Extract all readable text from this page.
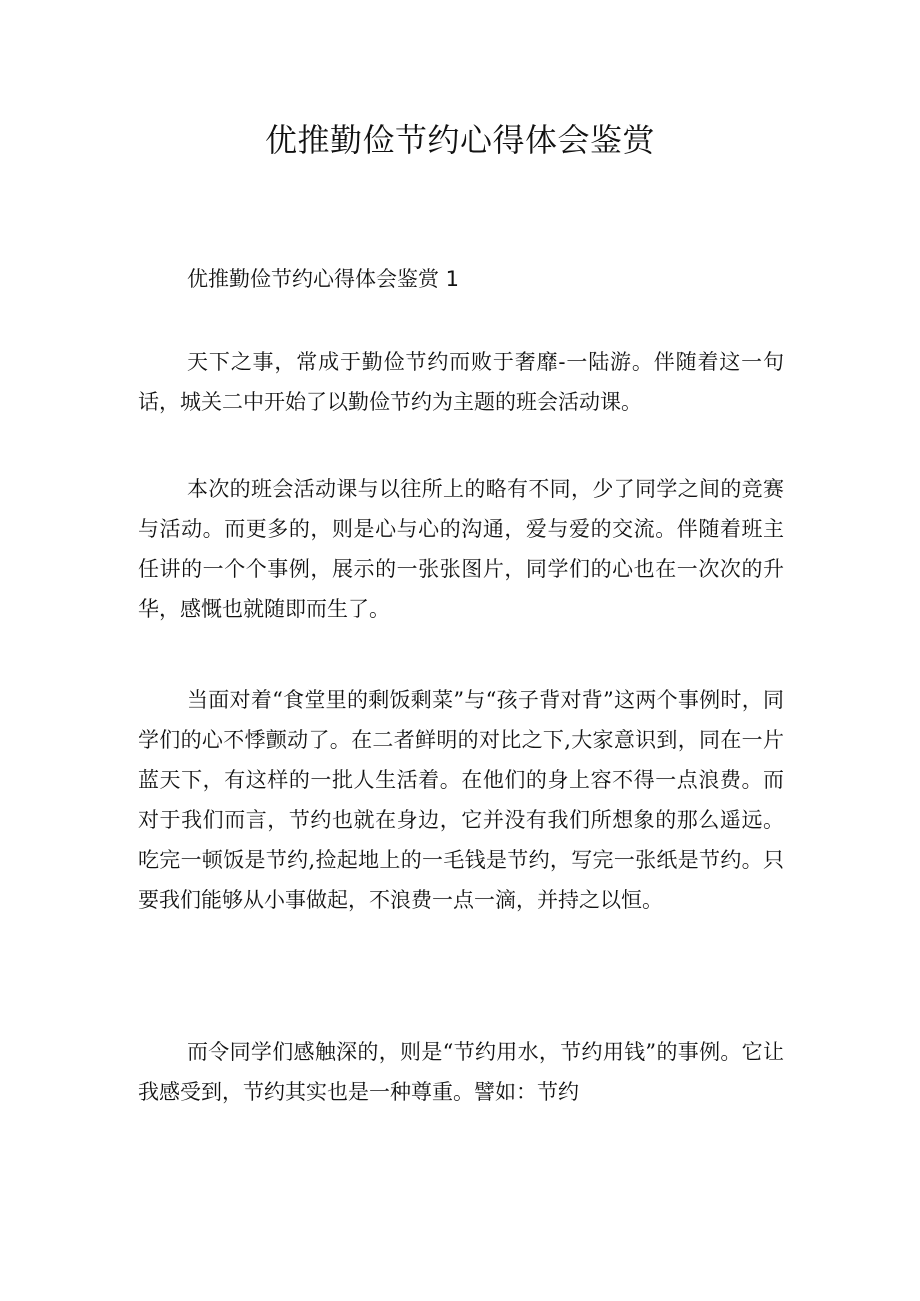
优推勤俭节约心得体会鉴赏
优推勤俭节约心得体会鉴赏 1

天下之事，常成于勤俭节约而败于奢靡-一陆游。伴随着这一句话，城关二中开始了以勤俭节约为主题的班会活动课。

本次的班会活动课与以往所上的略有不同，少了同学之间的竞赛与活动。而更多的，则是心与心的沟通，爱与爱的交流。伴随着班主任讲的一个个事例，展示的一张张图片，同学们的心也在一次次的升华，感慨也就随即而生了。

当面对着“食堂里的剩饭剩菜”与“孩子背对背”这两个事例时，同学们的心不悸颤动了。在二者鲜明的对比之下,大家意识到，同在一片蓝天下，有这样的一批人生活着。在他们的身上容不得一点浪费。而对于我们而言，节约也就在身边，它并没有我们所想象的那么遥远。吃完一顿饭是节约,捡起地上的一毛钱是节约，写完一张纸是节约。只要我们能够从小事做起，不浪费一点一滴，并持之以恒。

而令同学们感触深的，则是“节约用水，节约用钱”的事例。它让我感受到，节约其实也是一种尊重。譬如：节约
